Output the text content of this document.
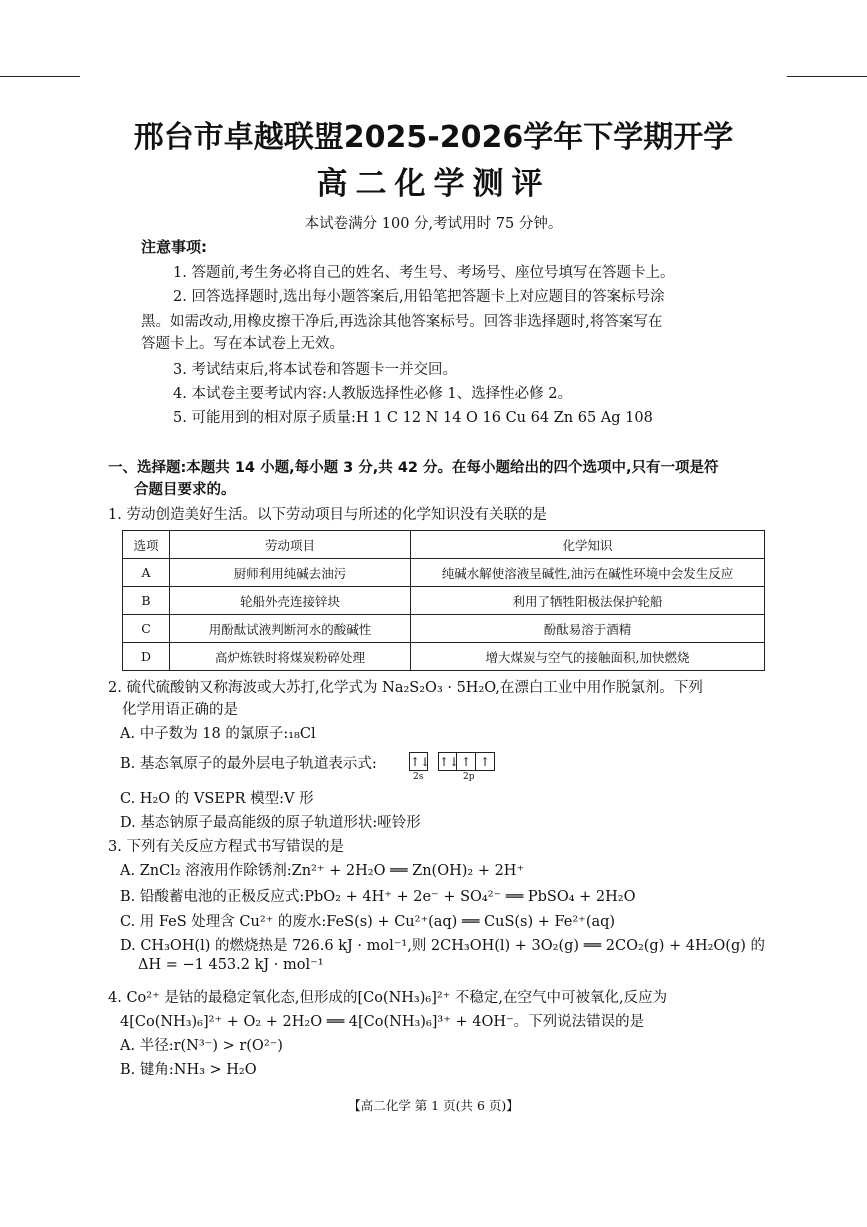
邢台市卓越联盟2025-2026学年下学期开学
高二化学测评
本试卷满分 100 分,考试用时 75 分钟。
注意事项:
1. 答题前,考生务必将自己的姓名、考生号、考场号、座位号填写在答题卡上。
2. 回答选择题时,选出每小题答案后,用铅笔把答题卡上对应题目的答案标号涂
黑。如需改动,用橡皮擦干净后,再选涂其他答案标号。回答非选择题时,将答案写在
答题卡上。写在本试卷上无效。
3. 考试结束后,将本试卷和答题卡一并交回。
4. 本试卷主要考试内容:人教版选择性必修 1、选择性必修 2。
5. 可能用到的相对原子质量:H 1 C 12 N 14 O 16 Cu 64 Zn 65 Ag 108
一、选择题:本题共 14 小题,每小题 3 分,共 42 分。在每小题给出的四个选项中,只有一项是符
合题目要求的。
1. 劳动创造美好生活。以下劳动项目与所述的化学知识没有关联的是
选项	劳动项目	化学知识
A	厨师利用纯碱去油污	纯碱水解使溶液呈碱性,油污在碱性环境中会发生反应
B	轮船外壳连接锌块	利用了牺牲阳极法保护轮船
C	用酚酞试液判断河水的酸碱性	酚酞易溶于酒精
D	高炉炼铁时将煤炭粉碎处理	增大煤炭与空气的接触面积,加快燃烧
2. 硫代硫酸钠又称海波或大苏打,化学式为 Na₂S₂O₃ · 5H₂O,在漂白工业中用作脱氯剂。下列
化学用语正确的是
A. 中子数为 18 的氯原子:₁₈Cl
B. 基态氧原子的最外层电子轨道表示式:	↑↓ ↑↓ ↑ ↑
2s	2p
C. H₂O 的 VSEPR 模型:V 形
D. 基态钠原子最高能级的原子轨道形状:哑铃形
3. 下列有关反应方程式书写错误的是
A. ZnCl₂ 溶液用作除锈剂:Zn²⁺ + 2H₂O ══ Zn(OH)₂ + 2H⁺
B. 铅酸蓄电池的正极反应式:PbO₂ + 4H⁺ + 2e⁻ + SO₄²⁻ ══ PbSO₄ + 2H₂O
C. 用 FeS 处理含 Cu²⁺ 的废水:FeS(s) + Cu²⁺(aq) ══ CuS(s) + Fe²⁺(aq)
D. CH₃OH(l) 的燃烧热是 726.6 kJ · mol⁻¹,则 2CH₃OH(l) + 3O₂(g) ══ 2CO₂(g) + 4H₂O(g) 的
ΔH = −1 453.2 kJ · mol⁻¹
4. Co²⁺ 是钴的最稳定氧化态,但形成的[Co(NH₃)₆]²⁺ 不稳定,在空气中可被氧化,反应为
4[Co(NH₃)₆]²⁺ + O₂ + 2H₂O ══ 4[Co(NH₃)₆]³⁺ + 4OH⁻。下列说法错误的是
A. 半径:r(N³⁻) > r(O²⁻)
B. 键角:NH₃ > H₂O
【高二化学 第 1 页(共 6 页)】
